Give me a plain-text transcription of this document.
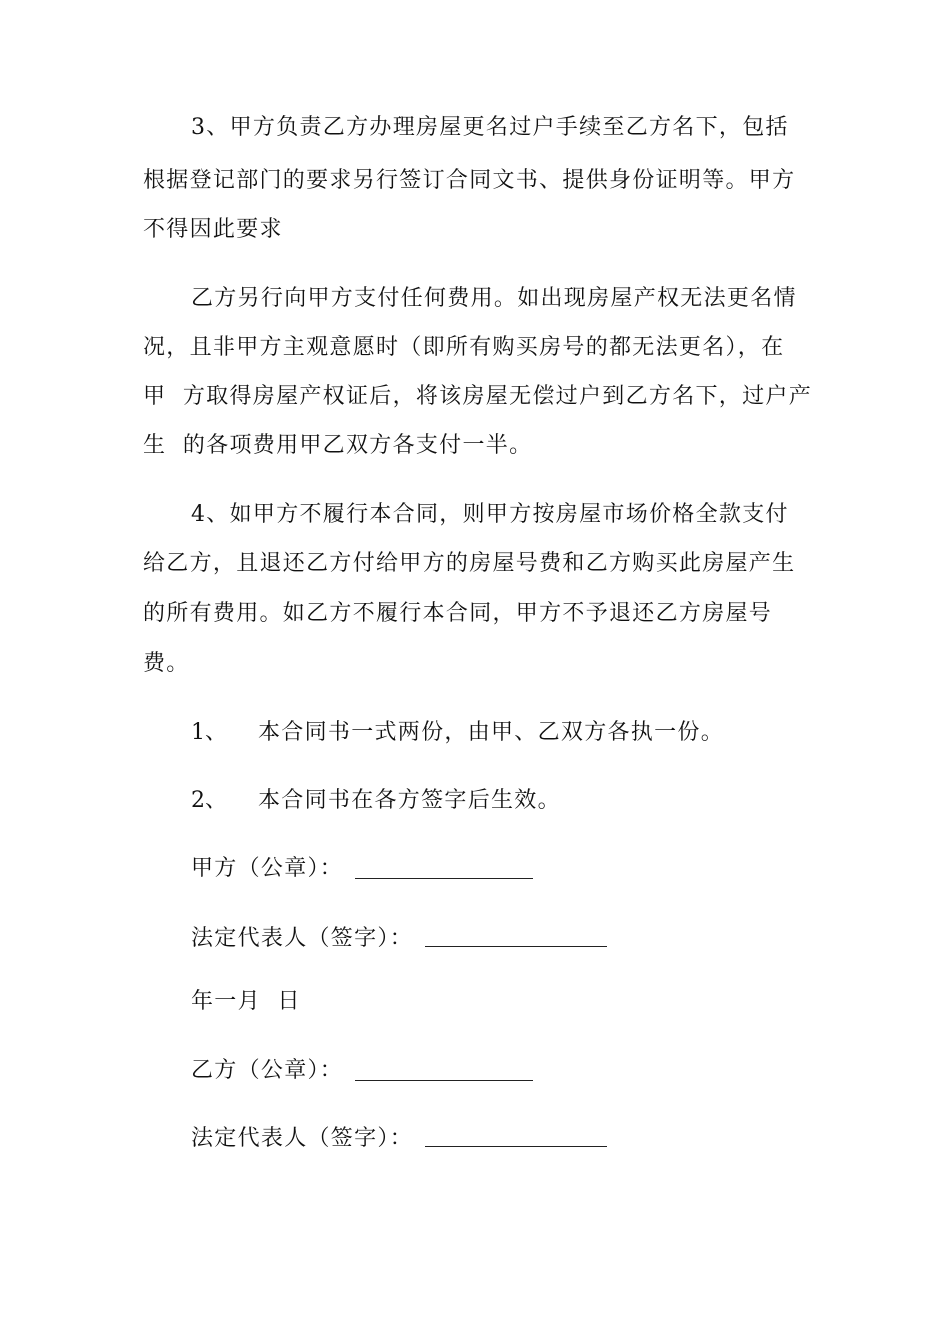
3、甲方负责乙方办理房屋更名过户手续至乙方名下，包括
根据登记部门的要求另行签订合同文书、提供身份证明等。甲方
不得因此要求
乙方另行向甲方支付任何费用。如出现房屋产权无法更名情
况，且非甲方主观意愿时（即所有购买房号的都无法更名），在
甲  方取得房屋产权证后，将该房屋无偿过户到乙方名下，过户产
生  的各项费用甲乙双方各支付一半。
4、如甲方不履行本合同，则甲方按房屋市场价格全款支付
给乙方，且退还乙方付给甲方的房屋号费和乙方购买此房屋产生
的所有费用。如乙方不履行本合同，甲方不予退还乙方房屋号
费。
1、 本合同书一式两份，由甲、乙双方各执一份。
2、 本合同书在各方签字后生效。
甲方（公章）：
法定代表人（签字）：
年一月  日
乙方（公章）：
法定代表人（签字）：
